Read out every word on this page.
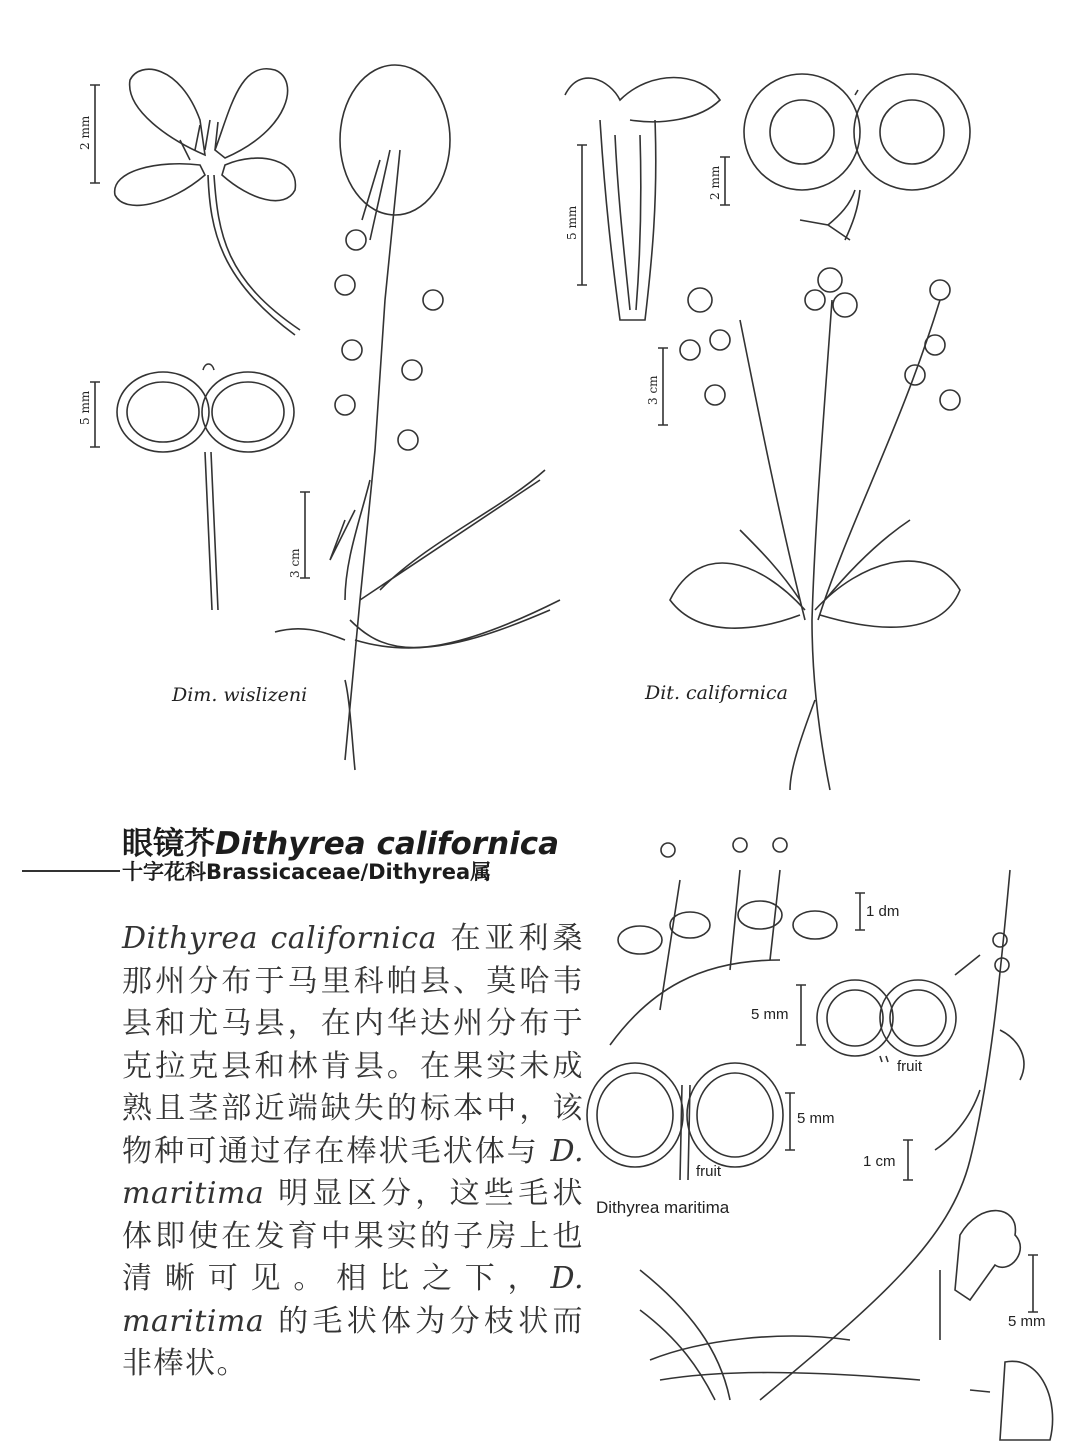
Dim. wislizeni	Dit. californica
2 mm
5 mm
3 cm
5 mm
2 mm
3 cm
1 dm
5 mm
fruit
5 mm
fruit
Dithyrea maritima
1 cm
5 mm
眼镜芥Dithyrea californica
十字花科Brassicaceae/Dithyrea属
Dithyrea californica 在亚利桑那州分布于马里科帕县、莫哈韦县和尤马县，在内华达州分布于克拉克县和林肯县。在果实未成熟且茎部近端缺失的标本中，该物种可通过存在棒状毛状体与 D. maritima 明显区分，这些毛状体即使在发育中果实的子房上也清晰可见。相比之下，D. maritima 的毛状体为分枝状而非棒状。
